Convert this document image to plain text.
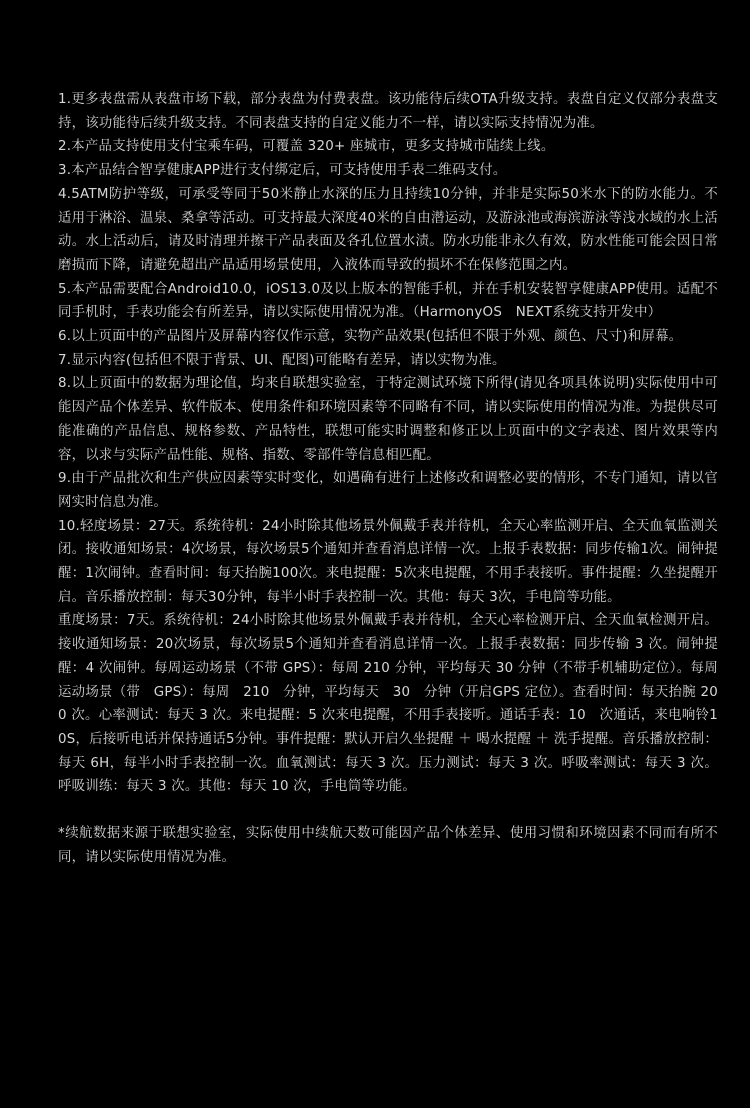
1.更多表盘需从表盘市场下载，部分表盘为付费表盘。该功能待后续OTA升级支持。表盘自定义仅部分表盘支持，该功能待后续升级支持。不同表盘支持的自定义能力不一样，请以实际支持情况为准。

2.本产品支持使用支付宝乘车码，可覆盖 320+ 座城市，更多支持城市陆续上线。

3.本产品结合智享健康APP进行支付绑定后，可支持使用手表二维码支付。

4.5ATM防护等级，可承受等同于50米静止水深的压力且持续10分钟，并非是实际50米水下的防水能力。不适用于淋浴、温泉、桑拿等活动。可支持最大深度40米的自由潜运动，及游泳池或海滨游泳等浅水域的水上活动。水上活动后，请及时清理并擦干产品表面及各孔位置水渍。防水功能非永久有效，防水性能可能会因日常磨损而下降，请避免超出产品适用场景使用，入液体而导致的损坏不在保修范围之内。

5.本产品需要配合Android10.0，iOS13.0及以上版本的智能手机，并在手机安装智享健康APP使用。适配不同手机时，手表功能会有所差异，请以实际使用情况为准。（HarmonyOS　NEXT系统支持开发中）

6.以上页面中的产品图片及屏幕内容仅作示意，实物产品效果(包括但不限于外观、颜色、尺寸)和屏幕。

7.显示内容(包括但不限于背景、UI、配图)可能略有差异，请以实物为准。

8.以上页面中的数据为理论值，均来自联想实验室，于特定测试环境下所得(请见各项具体说明)实际使用中可能因产品个体差异、软件版本、使用条件和环境因素等不同略有不同，请以实际使用的情况为准。为提供尽可能准确的产品信息、规格参数、产品特性，联想可能实时调整和修正以上页面中的文字表述、图片效果等内容，以求与实际产品性能、规格、指数、零部件等信息相匹配。

9.由于产品批次和生产供应因素等实时变化，如遇确有进行上述修改和调整必要的情形，不专门通知，请以官网实时信息为准。

10.轻度场景：27天。系统待机：24小时除其他场景外佩戴手表并待机，全天心率监测开启、全天血氧监测关闭。接收通知场景：4次场景，每次场景5个通知并查看消息详情一次。上报手表数据：同步传输1次。闹钟提醒：1次闹钟。查看时间：每天抬腕100次。来电提醒：5次来电提醒，不用手表接听。事件提醒：久坐提醒开启。音乐播放控制：每天30分钟，每半小时手表控制一次。其他：每天 3次，手电筒等功能。

重度场景：7天。系统待机：24小时除其他场景外佩戴手表并待机，全天心率检测开启、全天血氧检测开启。接收通知场景：20次场景，每次场景5个通知并查看消息详情一次。上报手表数据：同步传输 3 次。闹钟提醒：4 次闹钟。每周运动场景（不带 GPS）：每周 210 分钟，平均每天 30 分钟（不带手机辅助定位）。每周运动场景（带　GPS）：每周　210　分钟，平均每天　30　分钟（开启GPS 定位）。查看时间：每天抬腕 200 次。心率测试：每天 3 次。来电提醒：5 次来电提醒，不用手表接听。通话手表：10　次通话，来电响铃10S，后接听电话并保持通话5分钟。事件提醒：默认开启久坐提醒 ＋ 喝水提醒 ＋ 洗手提醒。音乐播放控制：每天 6H，每半小时手表控制一次。血氧测试：每天 3 次。压力测试：每天 3 次。呼吸率测试：每天 3 次。呼吸训练：每天 3 次。其他：每天 10 次，手电筒等功能。

*续航数据来源于联想实验室，实际使用中续航天数可能因产品个体差异、使用习惯和环境因素不同而有所不同，请以实际使用情况为准。
